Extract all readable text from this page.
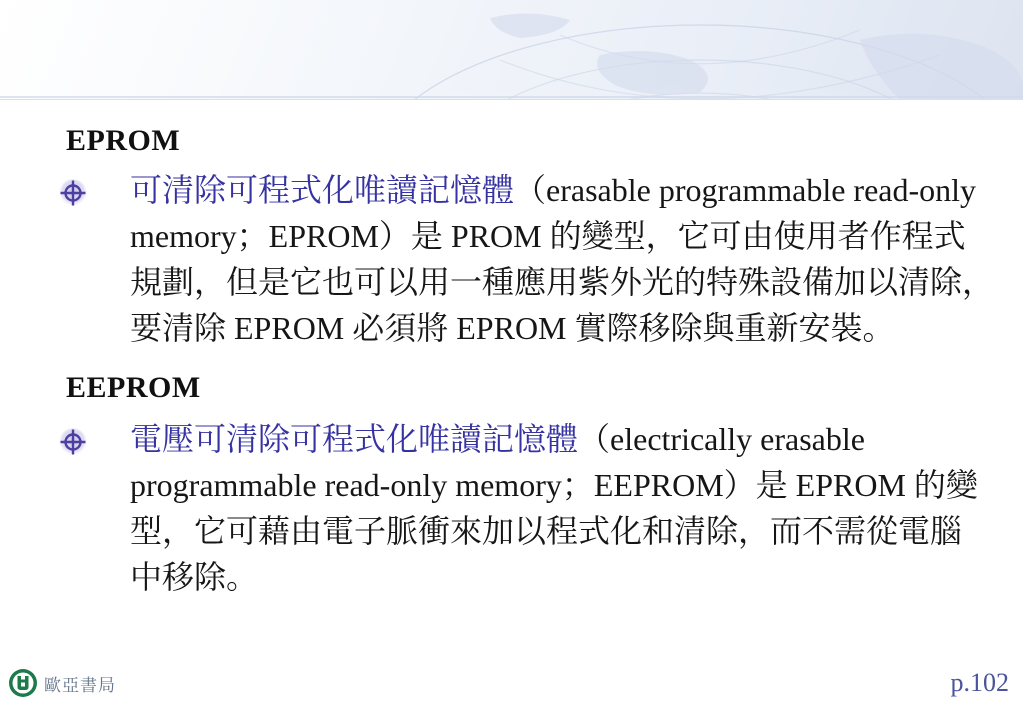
EPROM
可清除可程式化唯讀記憶體（erasable programmable read-only
memory；EPROM）是 PROM 的變型，它可由使用者作程式
規劃，但是它也可以用一種應用紫外光的特殊設備加以清除，
要清除 EPROM 必須將 EPROM 實際移除與重新安裝。
EEPROM
電壓可清除可程式化唯讀記憶體（electrically erasable
programmable read-only memory；EEPROM）是 EPROM 的變
型，它可藉由電子脈衝來加以程式化和清除，而不需從電腦
中移除。
歐亞書局	p.102
